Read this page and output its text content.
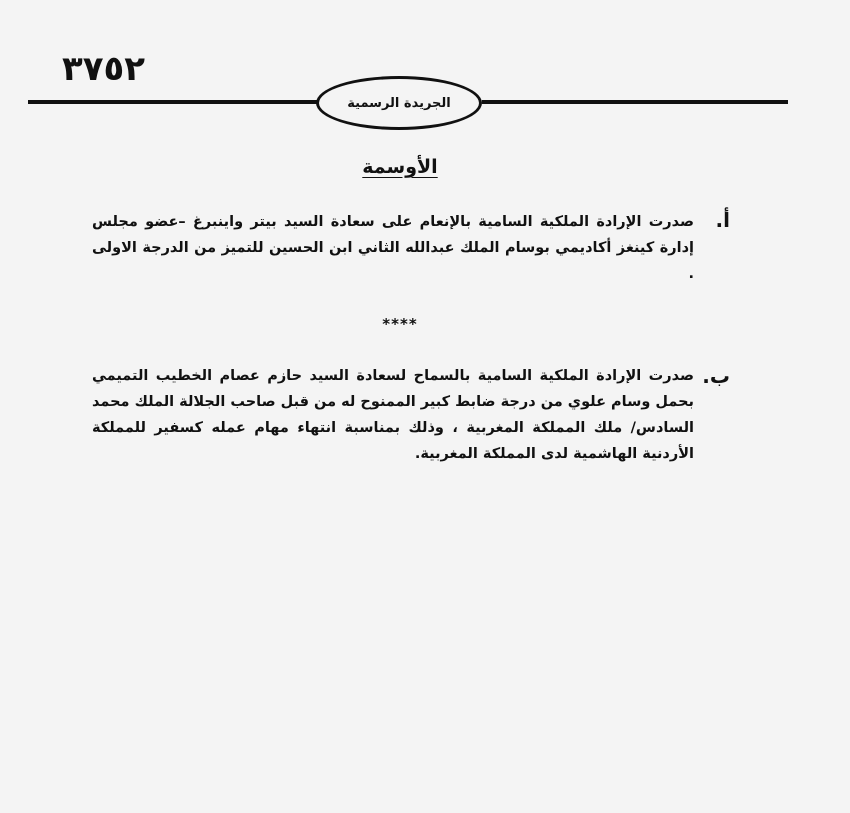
٣٧٥٢
الجريدة الرسمية
الأوسمة
أ.
صدرت الإرادة الملكية السامية بالإنعام على سعادة السيد بيتر واينبرغ –عضو مجلس إدارة كينغز أكاديمي بوسام الملك عبدالله الثاني ابن الحسين للتميز من الدرجة الاولى .
****
ب.
صدرت الإرادة الملكية السامية بالسماح لسعادة السيد حازم عصام الخطيب التميمي بحمل وسام علوي من درجة ضابط كبير الممنوح له من قبل صاحب الجلالة الملك محمد السادس/ ملك المملكة المغربية ، وذلك بمناسبة انتهاء مهام عمله كسفير للمملكة الأردنية الهاشمية لدى المملكة المغربية.
